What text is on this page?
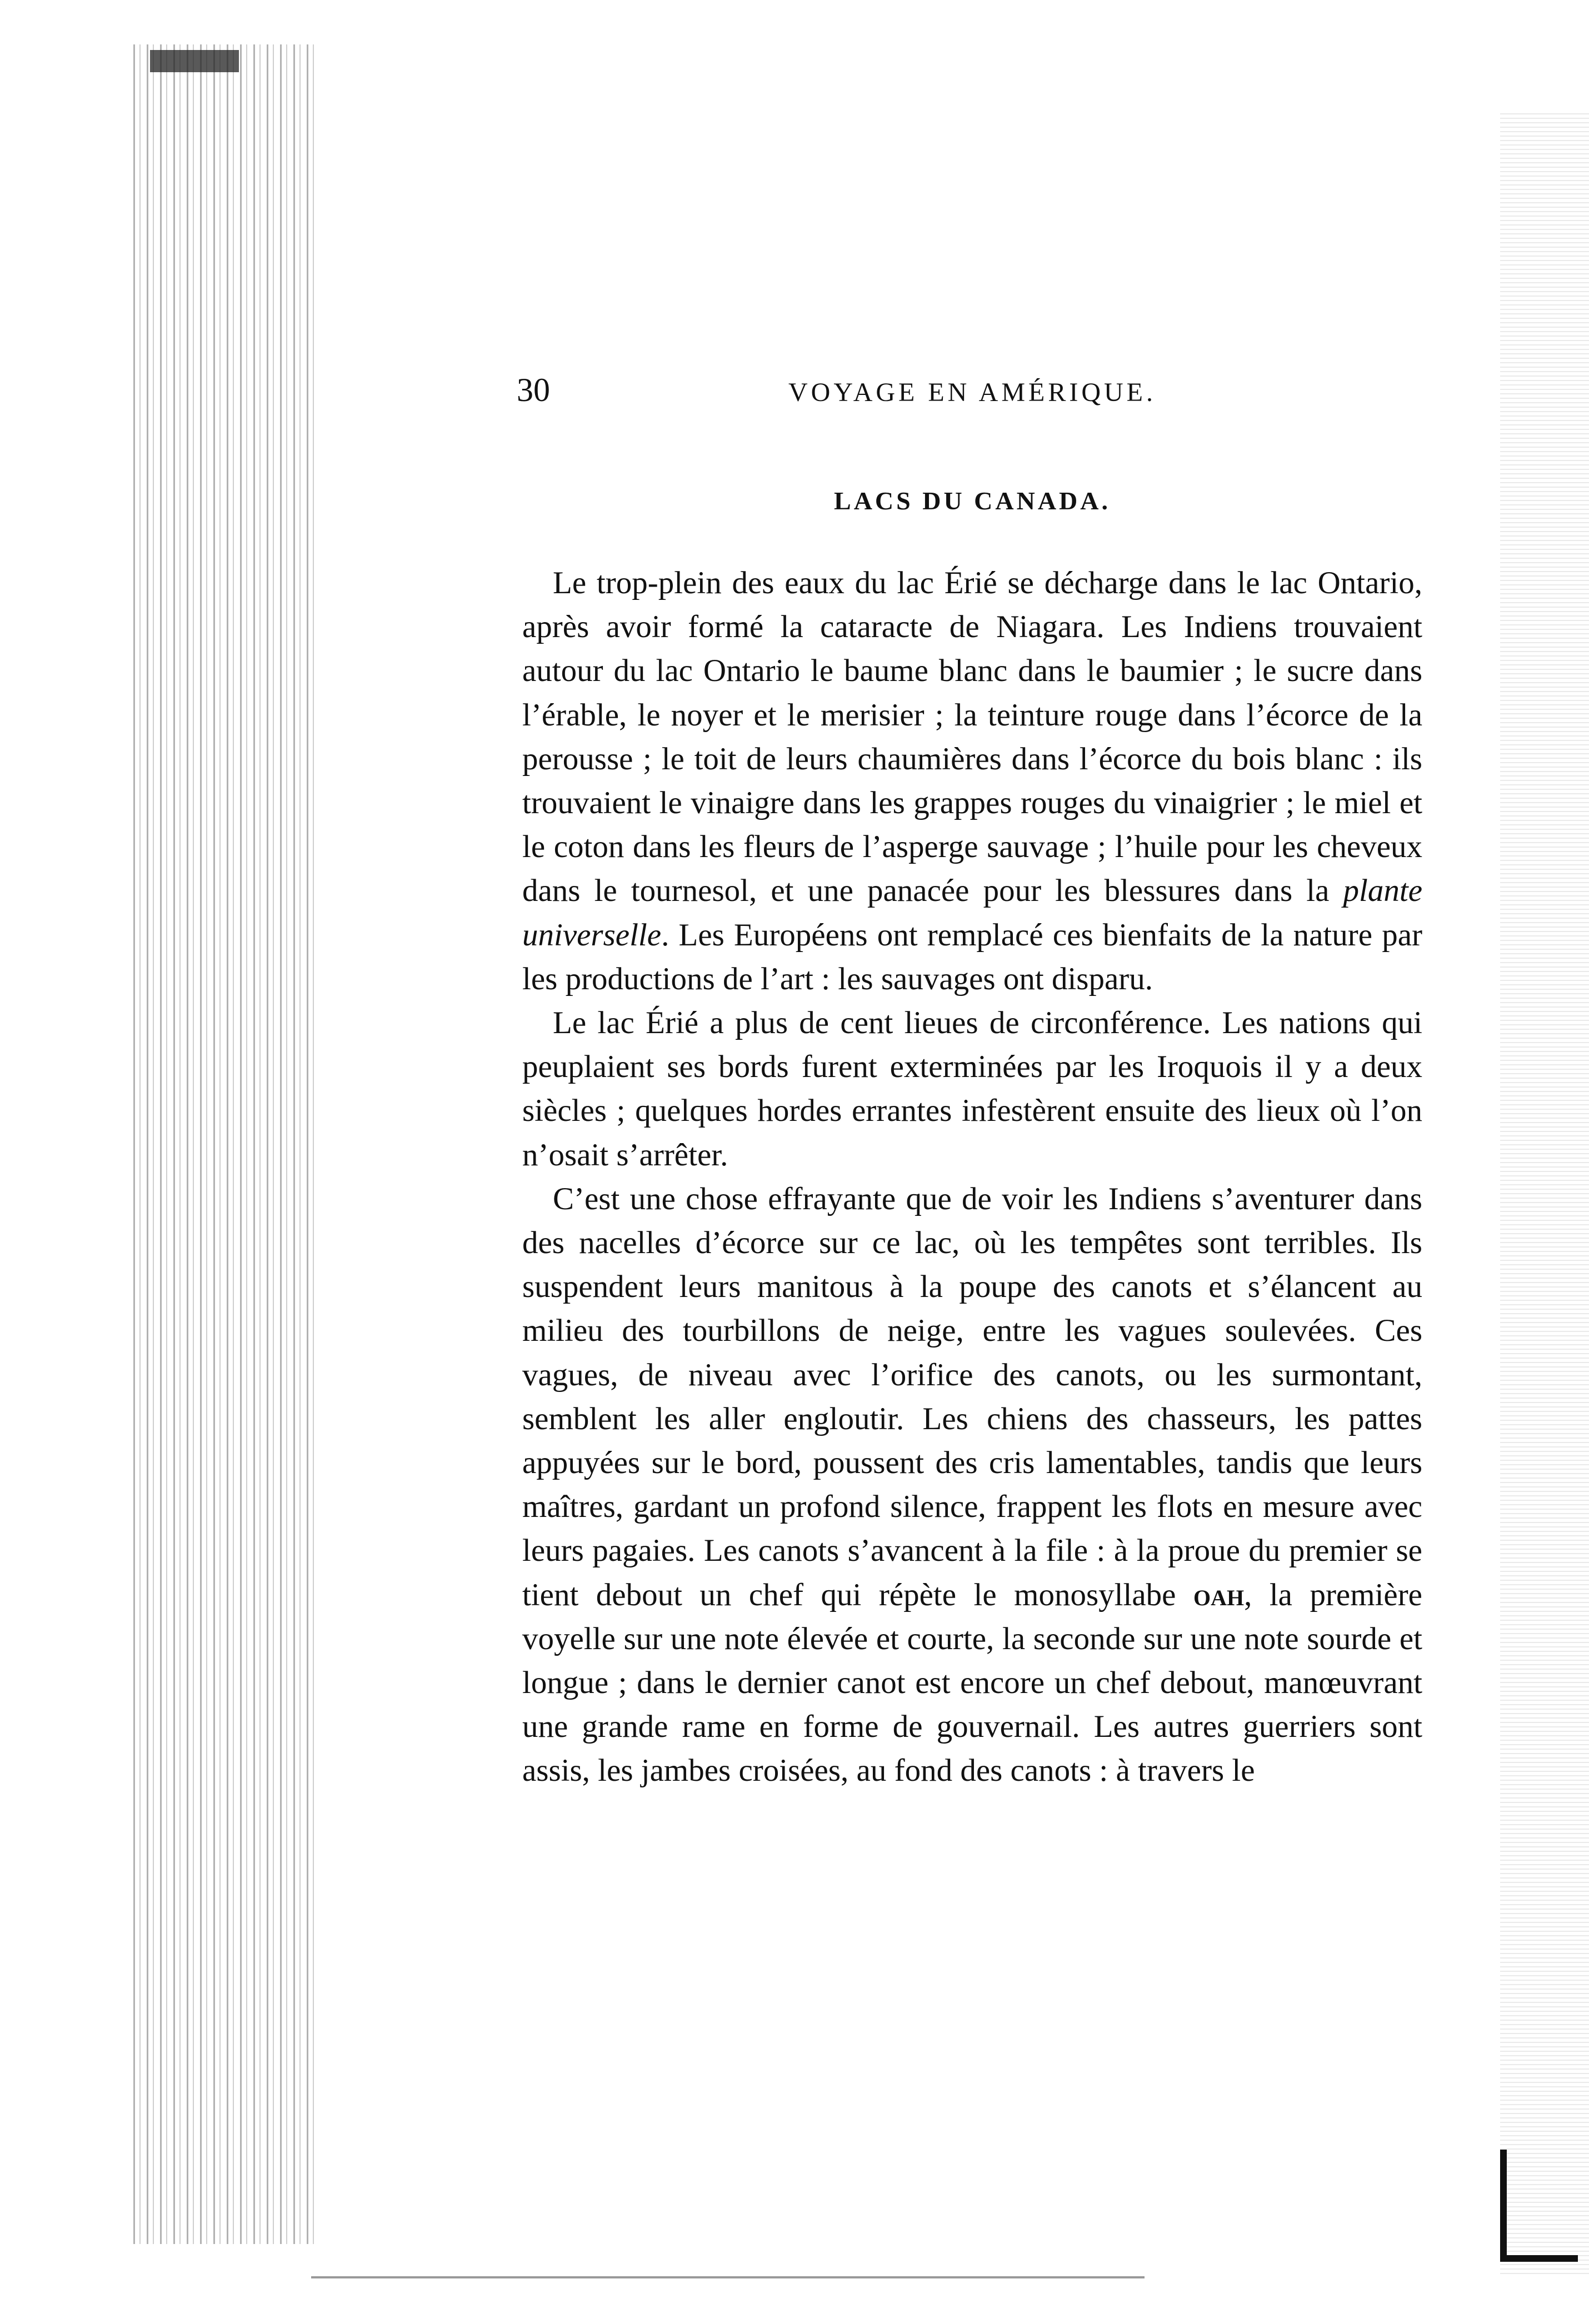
30	VOYAGE EN AMÉRIQUE.
LACS DU CANADA.

Le trop-plein des eaux du lac Érié se décharge dans le lac Ontario, après avoir formé la cataracte de Niagara. Les Indiens trouvaient autour du lac Ontario le baume blanc dans le baumier ; le sucre dans l’érable, le noyer et le merisier ; la teinture rouge dans l’écorce de la perousse ; le toit de leurs chaumières dans l’écorce du bois blanc : ils trouvaient le vinaigre dans les grappes rouges du vinaigrier ; le miel et le coton dans les fleurs de l’asperge sauvage ; l’huile pour les cheveux dans le tournesol, et une panacée pour les blessures dans la plante universelle. Les Européens ont remplacé ces bienfaits de la nature par les productions de l’art : les sauvages ont disparu.

Le lac Érié a plus de cent lieues de circonférence. Les nations qui peuplaient ses bords furent exterminées par les Iroquois il y a deux siècles ; quelques hordes errantes infestèrent ensuite des lieux où l’on n’osait s’arrêter.

C’est une chose effrayante que de voir les Indiens s’aventurer dans des nacelles d’écorce sur ce lac, où les tempêtes sont terribles. Ils suspendent leurs manitous à la poupe des canots et s’élancent au milieu des tourbillons de neige, entre les vagues soulevées. Ces vagues, de niveau avec l’orifice des canots, ou les surmontant, semblent les aller engloutir. Les chiens des chasseurs, les pattes appuyées sur le bord, poussent des cris lamentables, tandis que leurs maîtres, gardant un profond silence, frappent les flots en mesure avec leurs pagaies. Les canots s’avancent à la file : à la proue du premier se tient debout un chef qui répète le monosyllabe oah, la première voyelle sur une note élevée et courte, la seconde sur une note sourde et longue ; dans le dernier canot est encore un chef debout, manœuvrant une grande rame en forme de gouvernail. Les autres guerriers sont assis, les jambes croisées, au fond des canots : à travers le
